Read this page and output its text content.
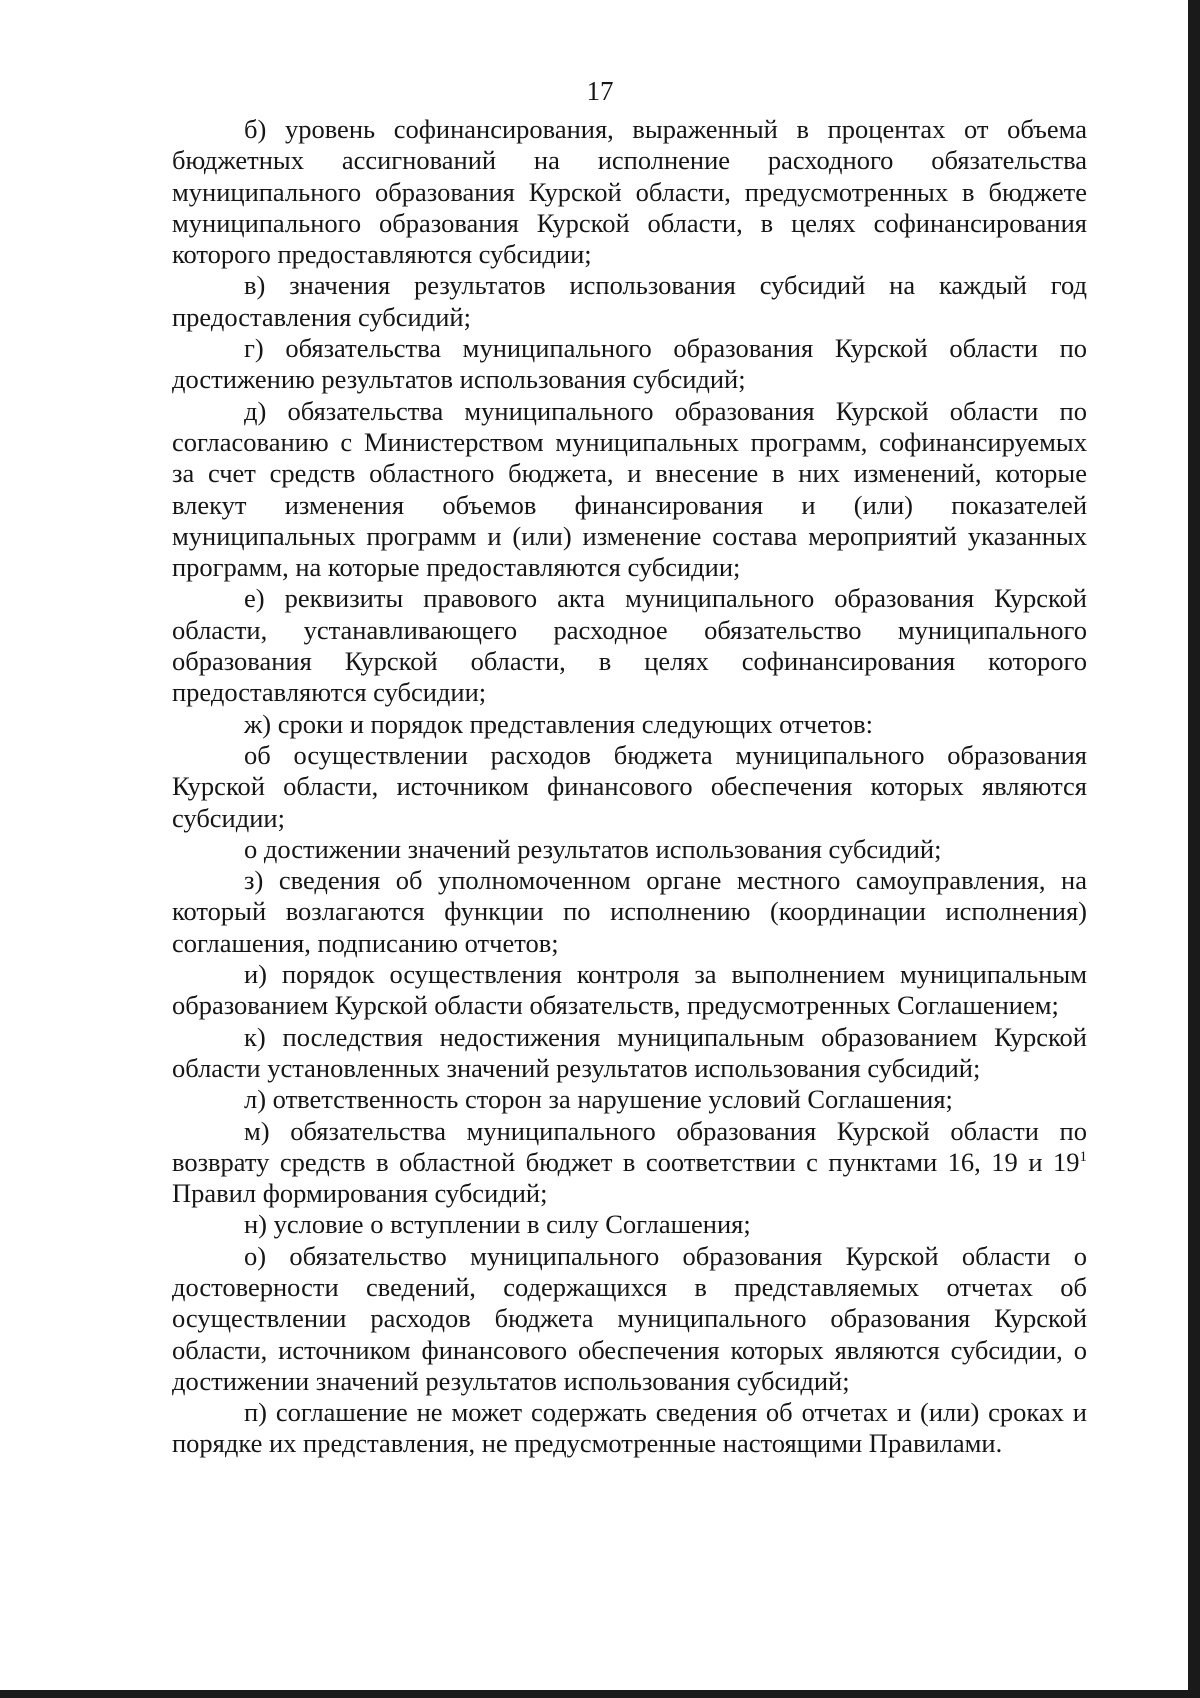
17

б) уровень софинансирования, выраженный в процентах от объема бюджетных ассигнований на исполнение расходного обязательства муниципального образования Курской области, предусмотренных в бюджете муниципального образования Курской области, в целях софинансирования которого предоставляются субсидии;

в) значения результатов использования субсидий на каждый год предоставления субсидий;

г) обязательства муниципального образования Курской области по достижению результатов использования субсидий;

д) обязательства муниципального образования Курской области по согласованию с Министерством муниципальных программ, софинансируемых за счет средств областного бюджета, и внесение в них изменений, которые влекут изменения объемов финансирования и (или) показателей муниципальных программ и (или) изменение состава мероприятий указанных программ, на которые предоставляются субсидии;

е) реквизиты правового акта муниципального образования Курской области, устанавливающего расходное обязательство муниципального образования Курской области, в целях софинансирования которого предоставляются субсидии;

ж) сроки и порядок представления следующих отчетов:

об осуществлении расходов бюджета муниципального образования Курской области, источником финансового обеспечения которых являются субсидии;

о достижении значений результатов использования субсидий;

з) сведения об уполномоченном органе местного самоуправления, на который возлагаются функции по исполнению (координации исполнения) соглашения, подписанию отчетов;

и) порядок осуществления контроля за выполнением муниципальным образованием Курской области обязательств, предусмотренных Соглашением;

к) последствия недостижения муниципальным образованием Курской области установленных значений результатов использования субсидий;

л) ответственность сторон за нарушение условий Соглашения;

м) обязательства муниципального образования Курской области по возврату средств в областной бюджет в соответствии с пунктами 16, 19 и $19^1$ Правил формирования субсидий;

н) условие о вступлении в силу Соглашения;

о) обязательство муниципального образования Курской области о достоверности сведений, содержащихся в представляемых отчетах об осуществлении расходов бюджета муниципального образования Курской области, источником финансового обеспечения которых являются субсидии, о достижении значений результатов использования субсидий;

п) соглашение не может содержать сведения об отчетах и (или) сроках и порядке их представления, не предусмотренные настоящими Правилами.
